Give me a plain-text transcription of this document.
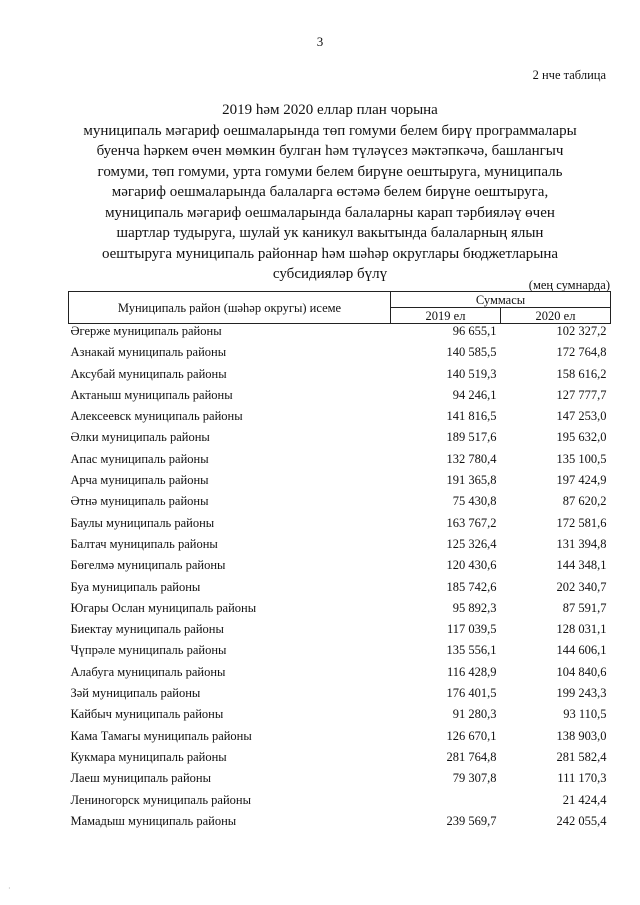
3
2 нче таблица
2019 һәм 2020 еллар план чорына
муниципаль мәгариф оешмаларында төп гомуми белем бирү программалары
буенча һәркем өчен мөмкин булган һәм түләүсез мәктәпкәчә, башлангыч
гомуми, төп гомуми, урта гомуми белем бирүне оештыруга, муниципаль
мәгариф оешмаларында балаларга өстәмә белем бирүне оештыруга,
муниципаль мәгариф оешмаларында балаларны карап тәрбияләү өчен
шартлар тудыруга, шулай ук каникул вакытында балаларның ялын
оештыруга муниципаль районнар һәм шәһәр округлары бюджетларына
субсидияләр бүлү
(мең сумнарда)
Муниципаль район (шәһәр округы) исеме	Суммасы	
	2019 ел	2020 ел
Әгерже муниципаль районы	96 655,1	102 327,2
Азнакай муниципаль районы	140 585,5	172 764,8
Аксубай муниципаль районы	140 519,3	158 616,2
Актаныш муниципаль районы	94 246,1	127 777,7
Алексеевск муниципаль районы	141 816,5	147 253,0
Әлки муниципаль районы	189 517,6	195 632,0
Апас муниципаль районы	132 780,4	135 100,5
Арча муниципаль районы	191 365,8	197 424,9
Әтнә муниципаль районы	75 430,8	87 620,2
Баулы муниципаль районы	163 767,2	172 581,6
Балтач муниципаль районы	125 326,4	131 394,8
Бөгелмә муниципаль районы	120 430,6	144 348,1
Буа муниципаль районы	185 742,6	202 340,7
Югары Ослан муниципаль районы	95 892,3	87 591,7
Биектау муниципаль районы	117 039,5	128 031,1
Чүпрәле муниципаль районы	135 556,1	144 606,1
Алабуга муниципаль районы	116 428,9	104 840,6
Зәй муниципаль районы	176 401,5	199 243,3
Кайбыч муниципаль районы	91 280,3	93 110,5
Кама Тамагы муниципаль районы	126 670,1	138 903,0
Кукмара муниципаль районы	281 764,8	281 582,4
Лаеш муниципаль районы	79 307,8	111 170,3
Лениногорск муниципаль районы		21 424,4
Мамадыш муниципаль районы	239 569,7	242 055,4
·
